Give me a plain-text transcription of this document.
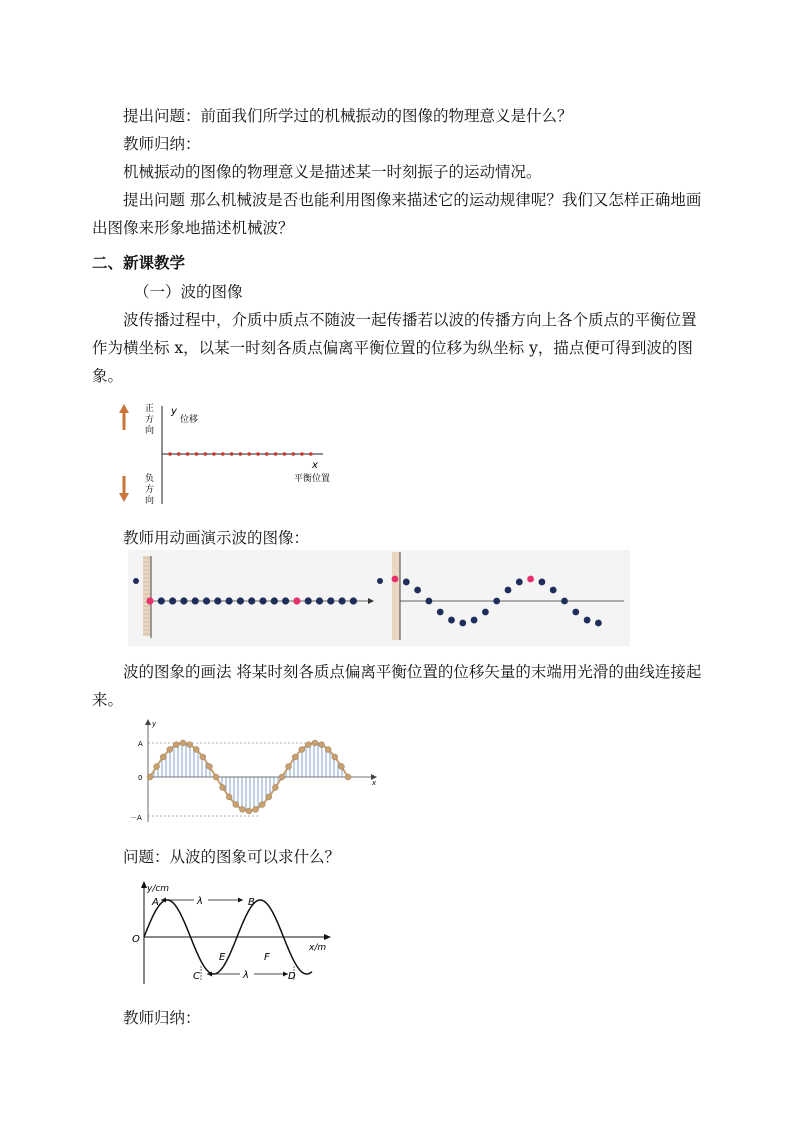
提出问题：前面我们所学过的机械振动的图像的物理意义是什么？

教师归纳：

机械振动的图像的物理意义是描述某一时刻振子的运动情况。

提出问题 那么机械波是否也能利用图像来描述它的运动规律呢？我们又怎样正确地画出图像来形象地描述机械波？

二、新课教学

（一）波的图像

波传播过程中，介质中质点不随波一起传播若以波的传播方向上各个质点的平衡位置作为横坐标 x，以某一时刻各质点偏离平衡位置的位移为纵坐标 y，描点便可得到波的图象。

正
方
向
负
方
向
y
位移
x
平衡位置

教师用动画演示波的图像：

波的图象的画法 将某时刻各质点偏离平衡位置的位移矢量的末端用光滑的曲线连接起来。

y
x
A
0
－A

问题：从波的图象可以求什么？

y/cm
x/m
O
A	B
C	D
E	F
λ
λ

教师归纳：
